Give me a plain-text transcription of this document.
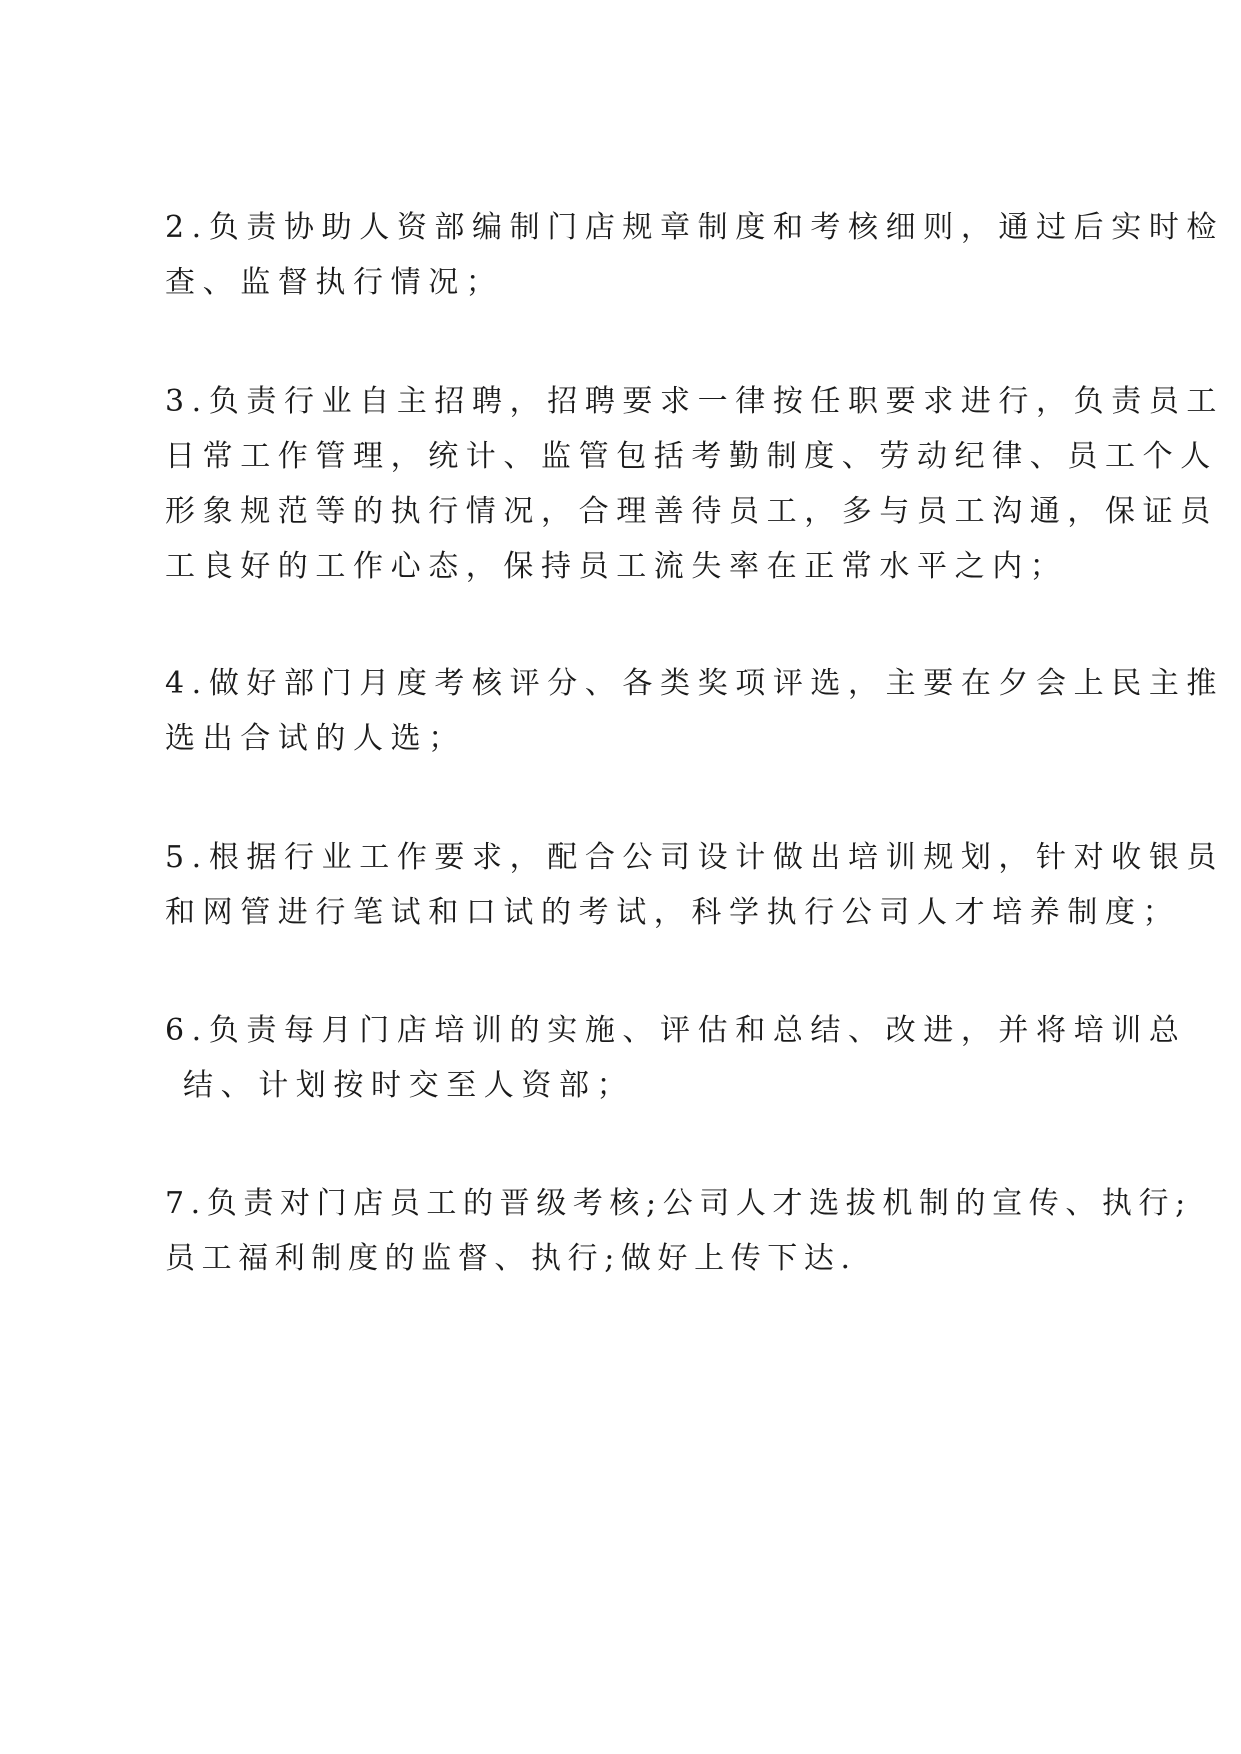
2.负责协助人资部编制门店规章制度和考核细则，通过后实时检
查、监督执行情况；
3.负责行业自主招聘，招聘要求一律按任职要求进行，负责员工
日常工作管理，统计、监管包括考勤制度、劳动纪律、员工个人
形象规范等的执行情况，合理善待员工，多与员工沟通，保证员
工良好的工作心态，保持员工流失率在正常水平之内；
4.做好部门月度考核评分、各类奖项评选，主要在夕会上民主推
选出合试的人选；
5.根据行业工作要求，配合公司设计做出培训规划，针对收银员
和网管进行笔试和口试的考试，科学执行公司人才培养制度；
6.负责每月门店培训的实施、评估和总结、改进，并将培训总
结、计划按时交至人资部；
7.负责对门店员工的晋级考核;公司人才选拔机制的宣传、执行;
员工福利制度的监督、执行;做好上传下达.
